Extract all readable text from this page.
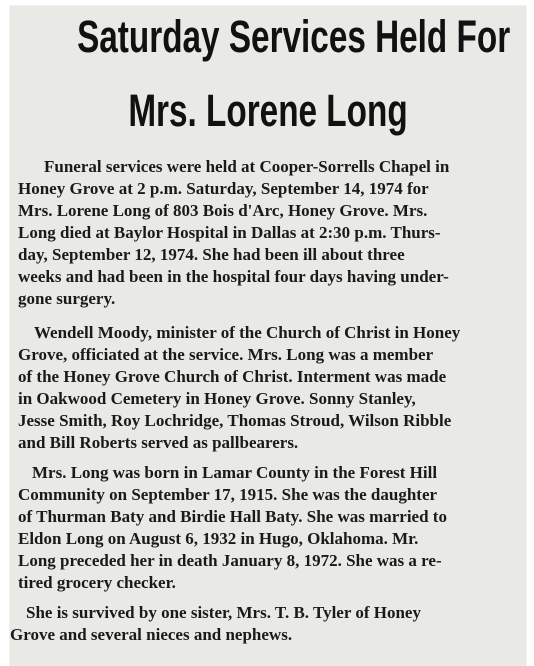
Saturday Services Held For
Mrs. Lorene Long
Funeral services were held at Cooper-Sorrells Chapel in
Honey Grove at 2 p.m. Saturday, September 14, 1974 for
Mrs. Lorene Long of 803 Bois d'Arc, Honey Grove. Mrs.
Long died at Baylor Hospital in Dallas at 2:30 p.m. Thurs-
day, September 12, 1974. She had been ill about three
weeks and had been in the hospital four days having under-
gone surgery.
Wendell Moody, minister of the Church of Christ in Honey
Grove, officiated at the service. Mrs. Long was a member
of the Honey Grove Church of Christ. Interment was made
in Oakwood Cemetery in Honey Grove. Sonny Stanley,
Jesse Smith, Roy Lochridge, Thomas Stroud, Wilson Ribble
and Bill Roberts served as pallbearers.
Mrs. Long was born in Lamar County in the Forest Hill
Community on September 17, 1915. She was the daughter
of Thurman Baty and Birdie Hall Baty. She was married to
Eldon Long on August 6, 1932 in Hugo, Oklahoma. Mr.
Long preceded her in death January 8, 1972. She was a re-
tired grocery checker.
She is survived by one sister, Mrs. T. B. Tyler of Honey
Grove and several nieces and nephews.
